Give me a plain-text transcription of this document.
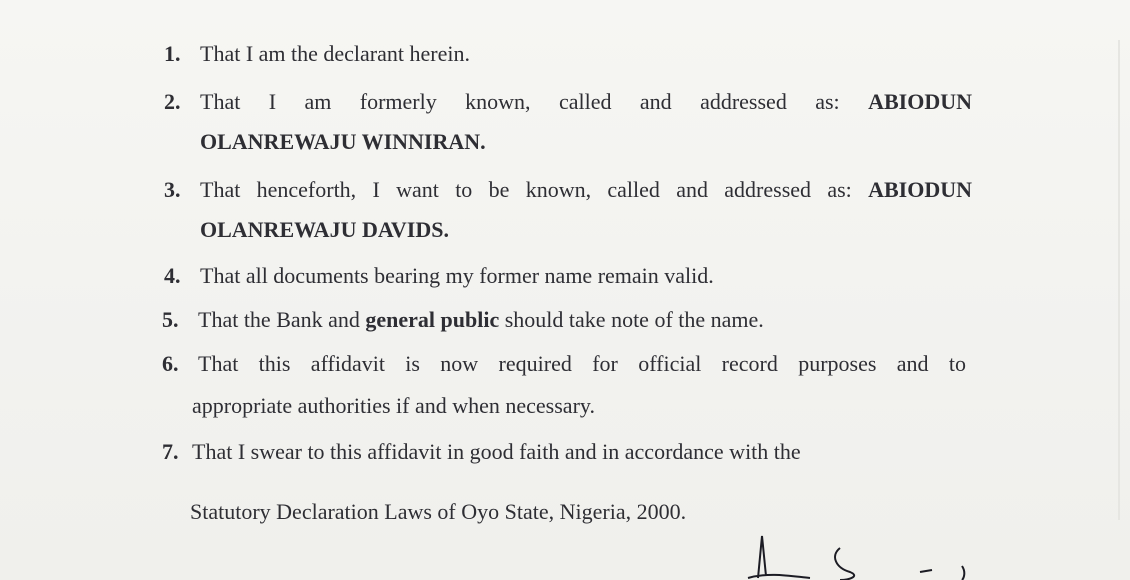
1. That I am the declarant herein.
2. That I am formerly known, called and addressed as: ABIODUN
OLANREWAJU WINNIRAN.
3. That henceforth, I want to be known, called and addressed as: ABIODUN
OLANREWAJU DAVIDS.
4. That all documents bearing my former name remain valid.
5. That the Bank and general public should take note of the name.
6. That this affidavit is now required for official record purposes and to
appropriate authorities if and when necessary.
7. That I swear to this affidavit in good faith and in accordance with the
Statutory Declaration Laws of Oyo State, Nigeria, 2000.
